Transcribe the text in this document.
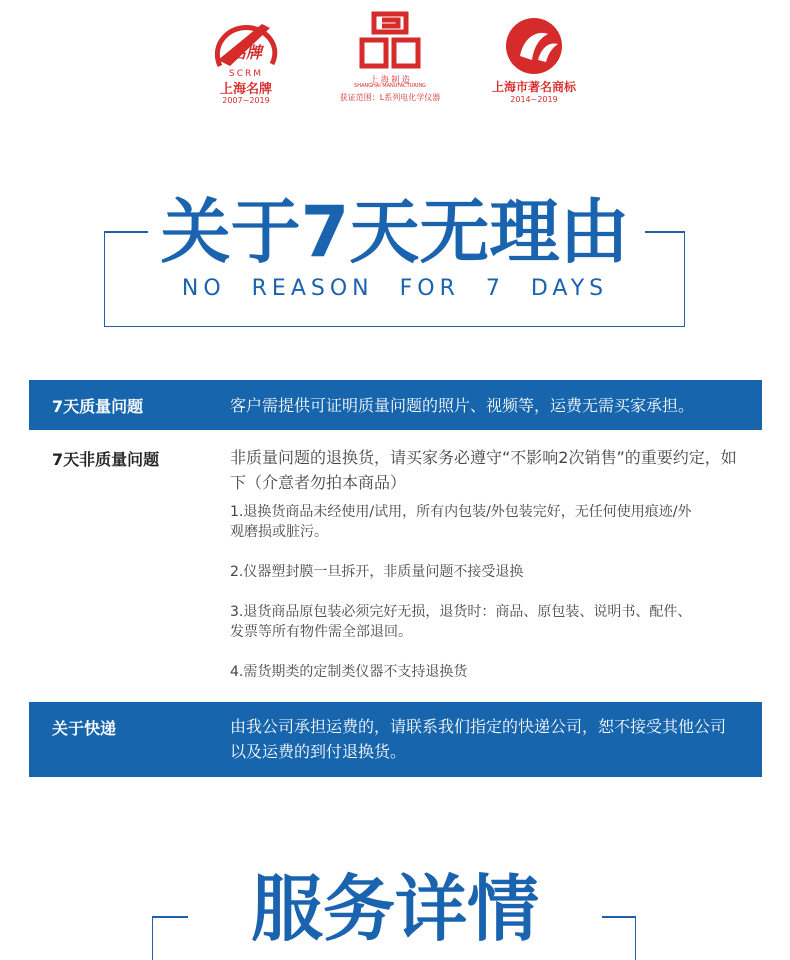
名牌
SCRM
上海名牌
2007~2019
上 海 制 造
SHANGHAI MANUFACTURING
获证范围：L系列电化学仪器
上海市著名商标
2014~2019
关于7天无理由
NO REASON FOR 7 DAYS
7天质量问题	客户需提供可证明质量问题的照片、视频等，运费无需买家承担。
7天非质量问题	非质量问题的退换货，请买家务必遵守“不影响2次销售”的重要约定，如下（介意者勿拍本商品）
1.退换货商品未经使用/试用，所有内包装/外包装完好，无任何使用痕迹/外观磨损或脏污。
2.仪器塑封膜一旦拆开，非质量问题不接受退换
3.退货商品原包装必须完好无损，退货时：商品、原包装、说明书、配件、发票等所有物件需全部退回。
4.需货期类的定制类仪器不支持退换货
关于快递	由我公司承担运费的，请联系我们指定的快递公司，恕不接受其他公司以及运费的到付退换货。
服务详情
